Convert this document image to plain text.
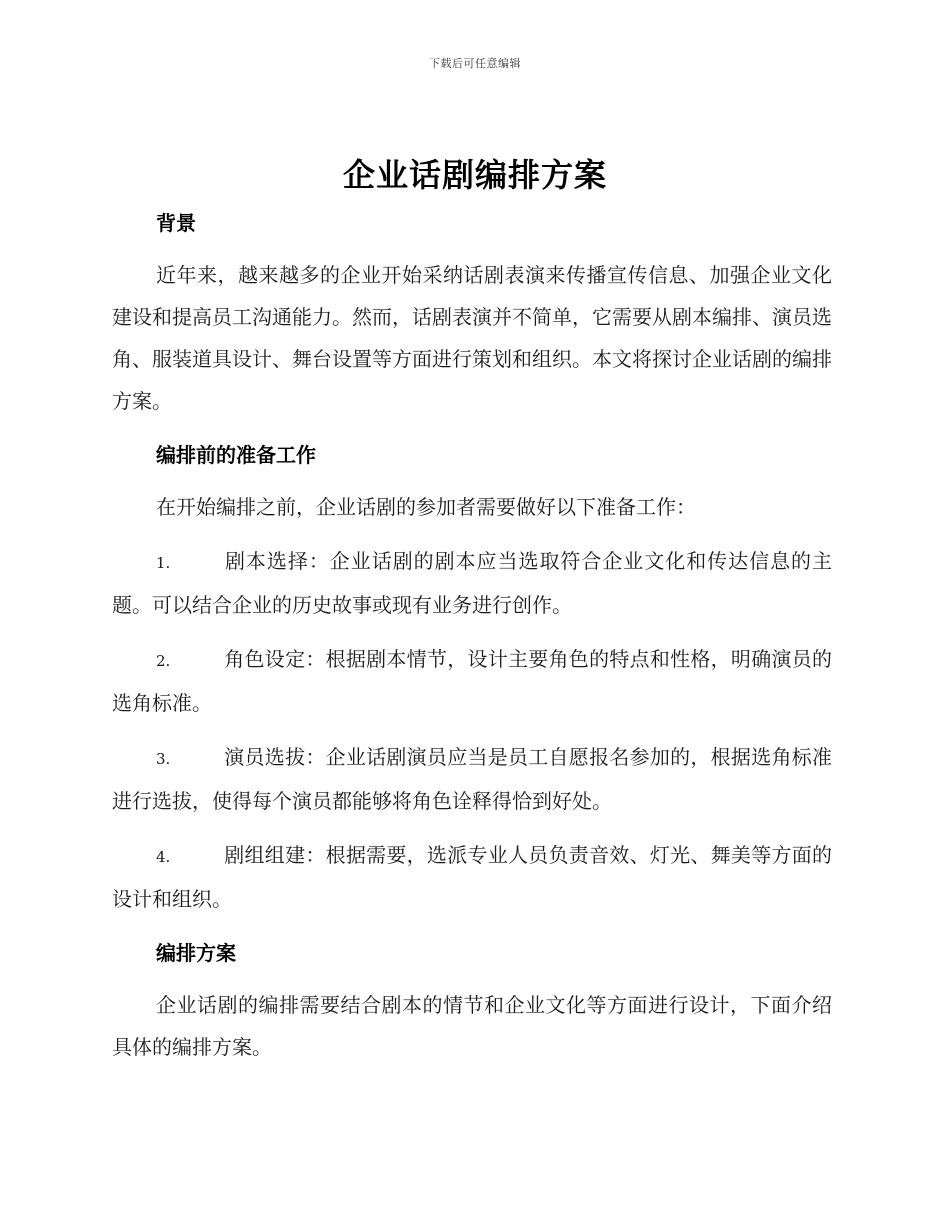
下载后可任意编辑
企业话剧编排方案
背景

近年来，越来越多的企业开始采纳话剧表演来传播宣传信息、加强企业文化建设和提高员工沟通能力。然而，话剧表演并不简单，它需要从剧本编排、演员选角、服装道具设计、舞台设置等方面进行策划和组织。本文将探讨企业话剧的编排方案。

编排前的准备工作

在开始编排之前，企业话剧的参加者需要做好以下准备工作：

1.	剧本选择：企业话剧的剧本应当选取符合企业文化和传达信息的主题。可以结合企业的历史故事或现有业务进行创作。

2.	角色设定：根据剧本情节，设计主要角色的特点和性格，明确演员的选角标准。

3.	演员选拔：企业话剧演员应当是员工自愿报名参加的，根据选角标准进行选拔，使得每个演员都能够将角色诠释得恰到好处。

4.	剧组组建：根据需要，选派专业人员负责音效、灯光、舞美等方面的设计和组织。

编排方案

企业话剧的编排需要结合剧本的情节和企业文化等方面进行设计，下面介绍具体的编排方案。
